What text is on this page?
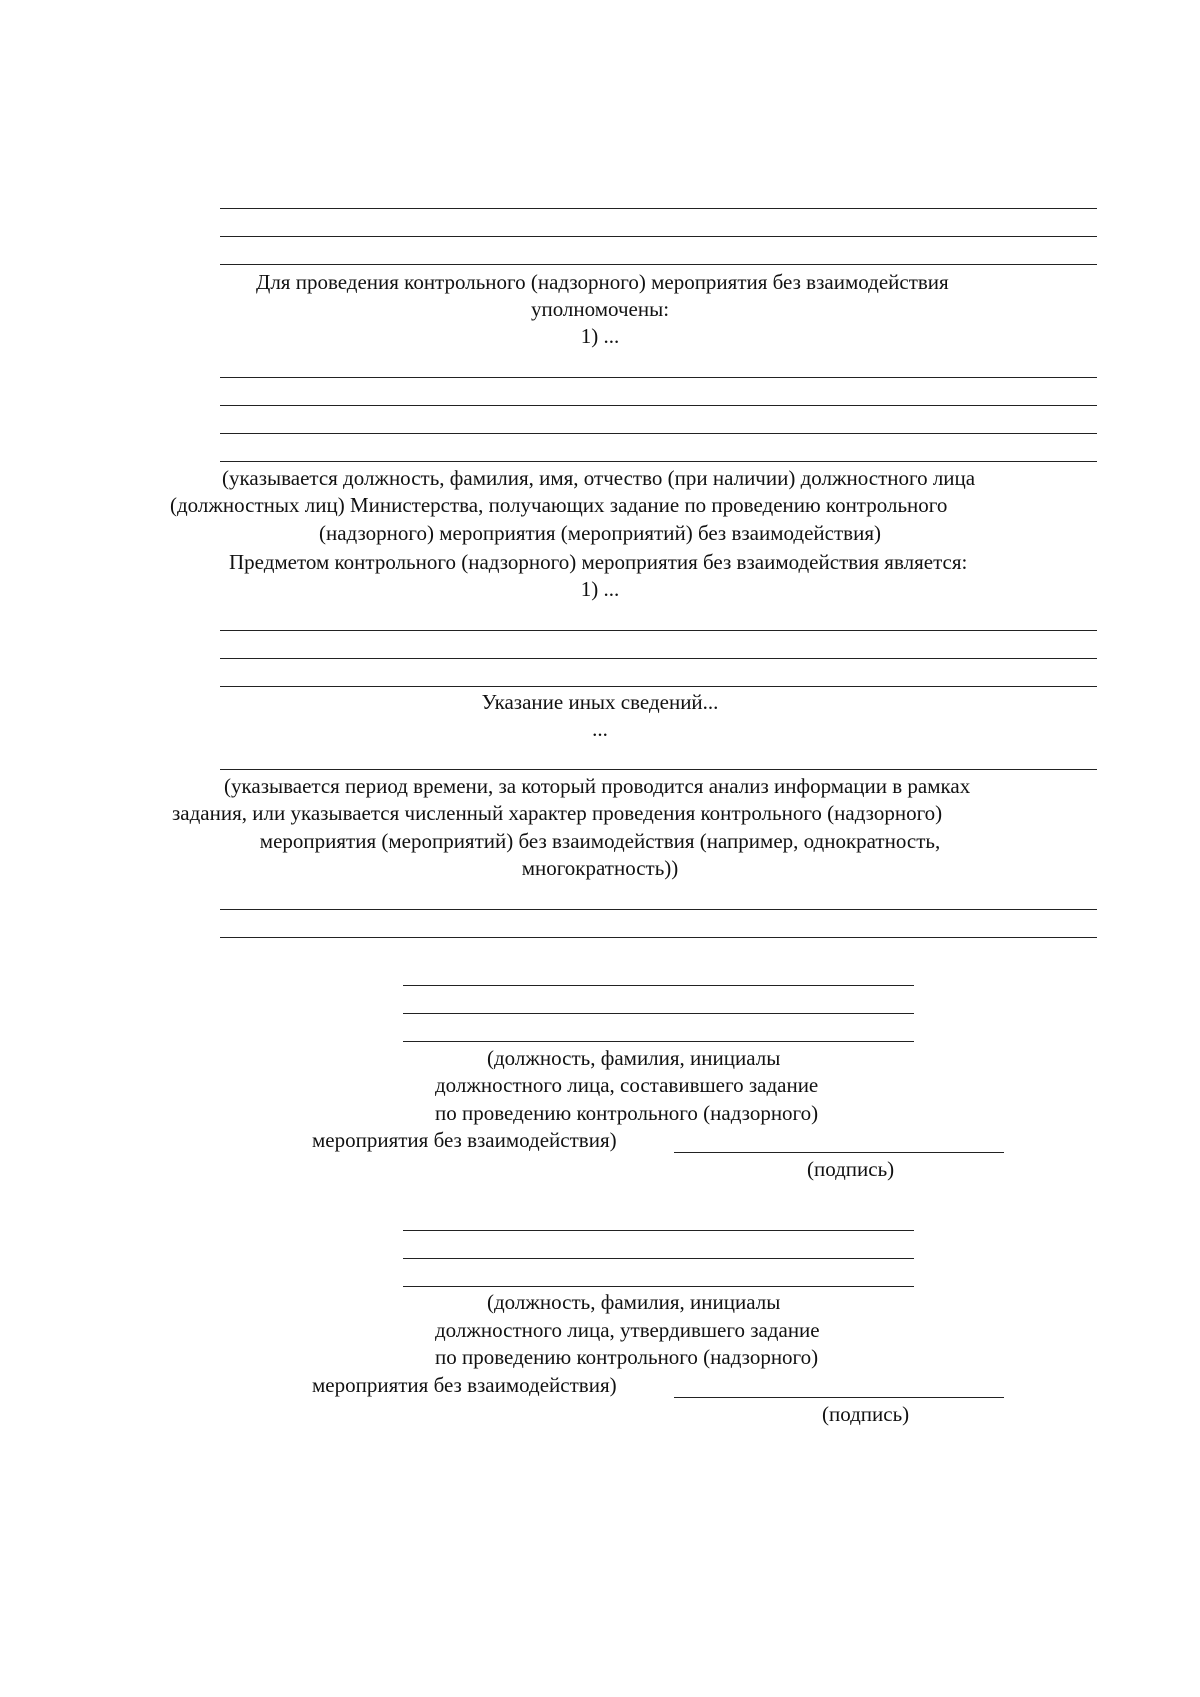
Для проведения контрольного (надзорного) мероприятия без взаимодействия
уполномочены:
1) ...
(указывается должность, фамилия, имя, отчество (при наличии) должностного лица
(должностных лиц) Министерства, получающих задание по проведению контрольного
(надзорного) мероприятия (мероприятий) без взаимодействия)
Предметом контрольного (надзорного) мероприятия без взаимодействия является:
1) ...
Указание иных сведений...
...
(указывается период времени, за который проводится анализ информации в рамках
задания, или указывается численный характер проведения контрольного (надзорного)
мероприятия (мероприятий) без взаимодействия (например, однократность,
многократность))
(должность, фамилия, инициалы
должностного лица, составившего задание
по проведению контрольного (надзорного)
мероприятия без взаимодействия)
(подпись)
(должность, фамилия, инициалы
должностного лица, утвердившего задание
по проведению контрольного (надзорного)
мероприятия без взаимодействия)
(подпись)
